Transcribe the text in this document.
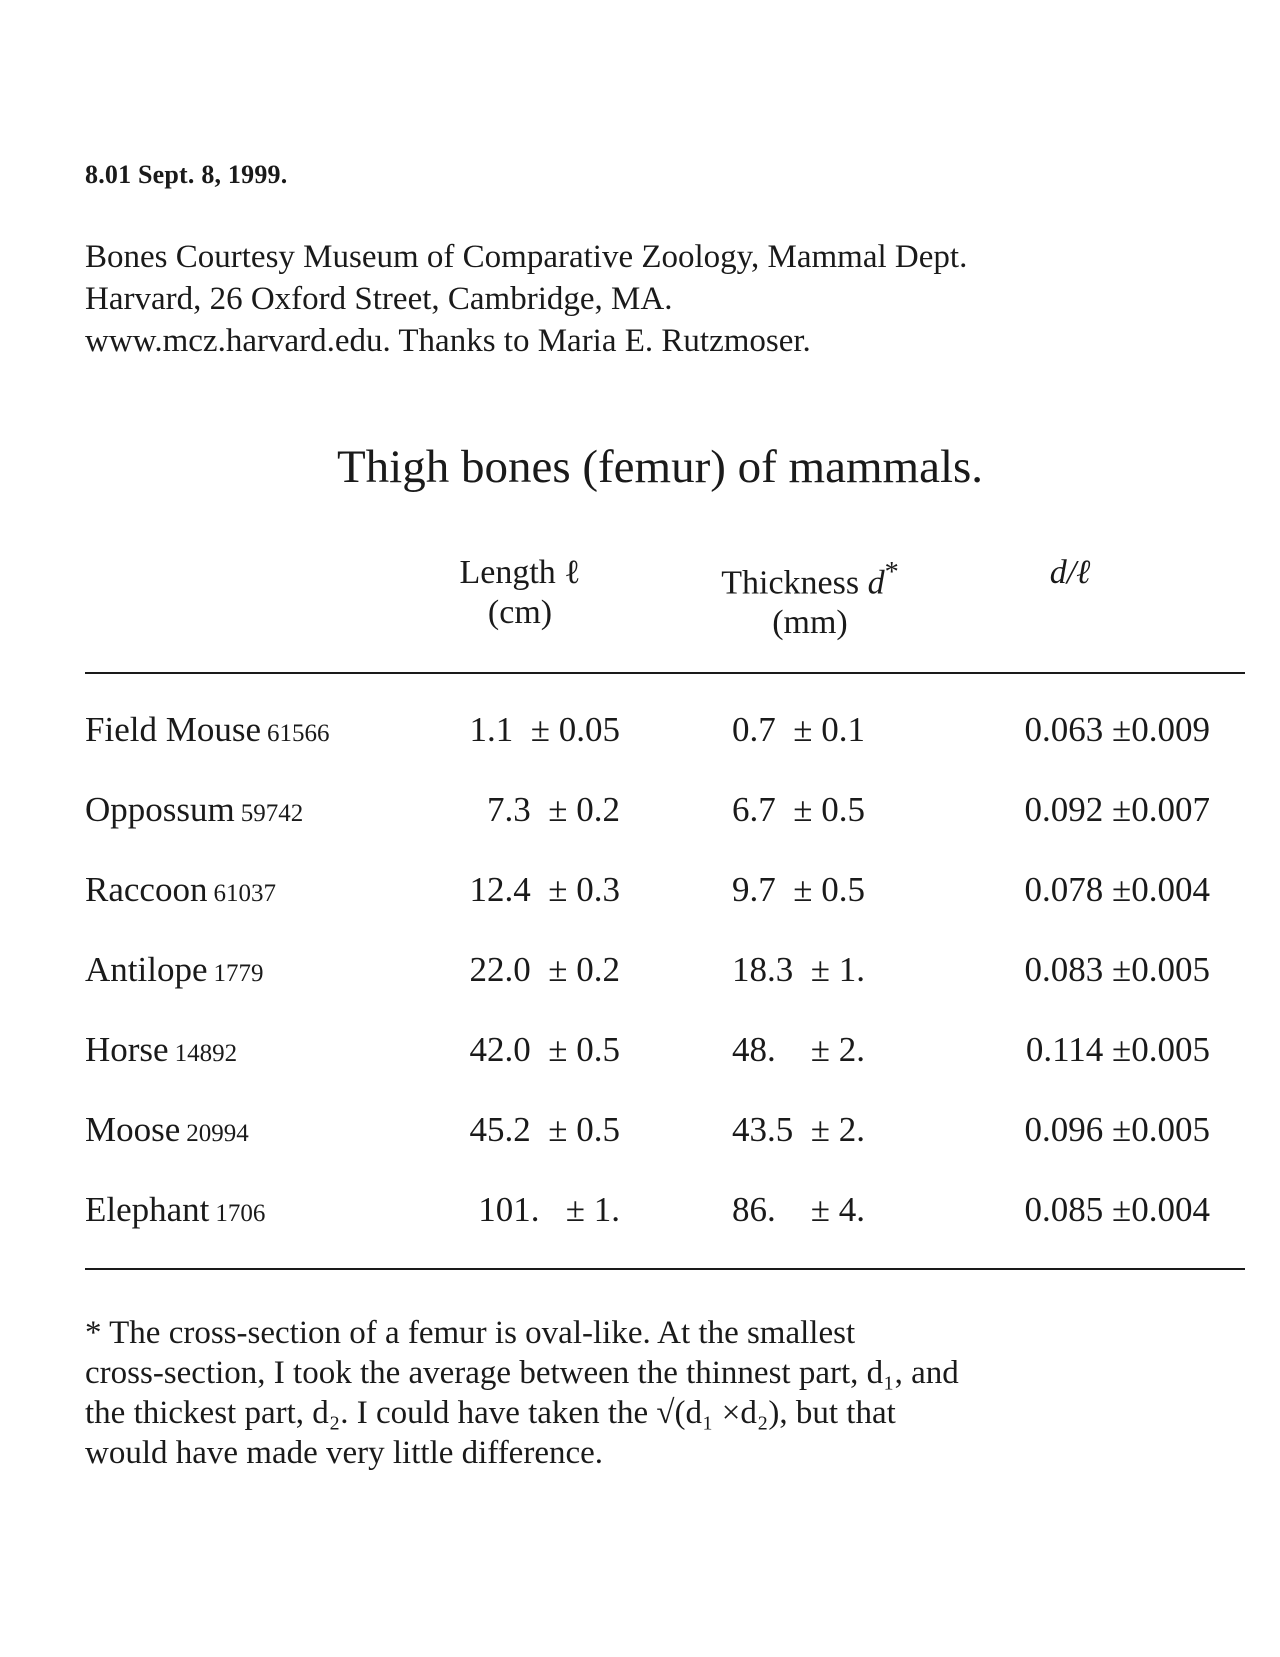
8.01 Sept. 8, 1999.
Bones Courtesy Museum of Comparative Zoology, Mammal Dept.
Harvard, 26 Oxford Street, Cambridge, MA.
www.mcz.harvard.edu. Thanks to Maria E. Rutzmoser.
Thigh bones (femur) of mammals.
Length ℓ
(cm)
Thickness d*
(mm)
d/ℓ
Field Mouse 61566	1.1  ± 0.05	0.7  ± 0.1	0.063 ±0.009
Oppossum 59742	7.3  ± 0.2	6.7  ± 0.5	0.092 ±0.007
Raccoon 61037	12.4  ± 0.3	9.7  ± 0.5	0.078 ±0.004
Antilope 1779	22.0  ± 0.2	18.3  ± 1.	0.083 ±0.005
Horse 14892	42.0  ± 0.5	48.    ± 2.	0.114 ±0.005
Moose 20994	45.2  ± 0.5	43.5  ± 2.	0.096 ±0.005
Elephant 1706	101.   ± 1.	86.    ± 4.	0.085 ±0.004
* The cross-section of a femur is oval-like. At the smallest
cross-section, I took the average between the thinnest part, d₁, and
the thickest part, d₂. I could have taken the √(d₁ ×d₂), but that
would have made very little difference.
